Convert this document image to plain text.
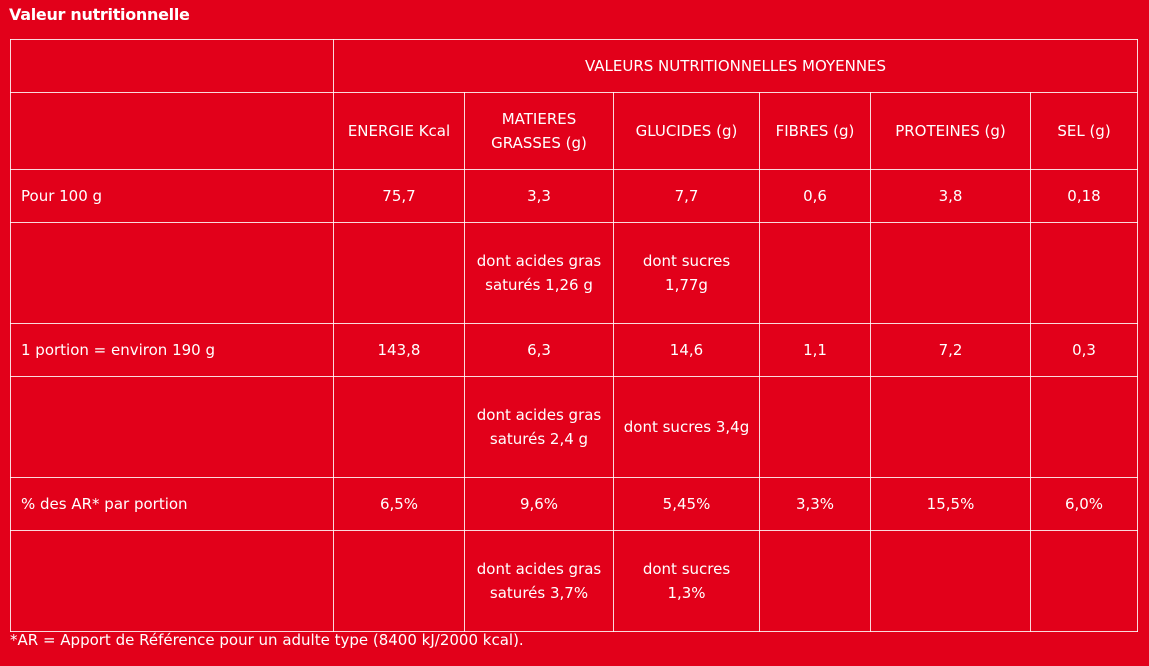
Valeur nutritionnelle
	VALEURS NUTRITIONNELLES MOYENNES					
	ENERGIE Kcal	MATIERES GRASSES (g)	GLUCIDES (g)	FIBRES (g)	PROTEINES (g)	SEL (g)
Pour 100 g	75,7	3,3	7,7	0,6	3,8	0,18
		dont acides gras saturés 1,26 g	dont sucres 1,77g			
1 portion = environ 190 g	143,8	6,3	14,6	1,1	7,2	0,3
		dont acides gras saturés 2,4 g	dont sucres 3,4g			
% des AR* par portion	6,5%	9,6%	5,45%	3,3%	15,5%	6,0%
		dont acides gras saturés 3,7%	dont sucres 1,3%			
*AR = Apport de Référence pour un adulte type (8400 kJ/2000 kcal).
